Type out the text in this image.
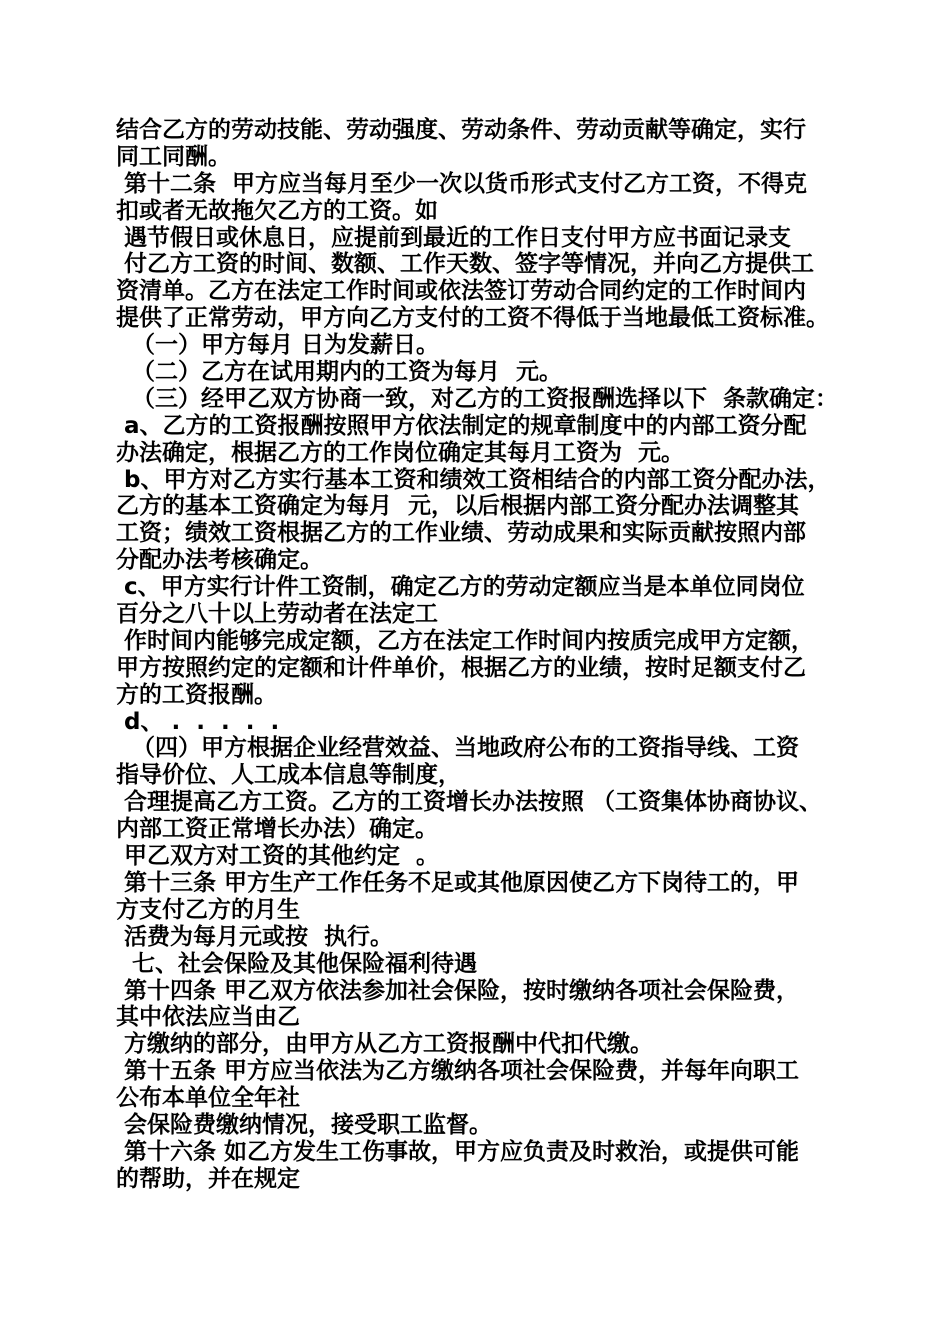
结合乙方的劳动技能、劳动强度、劳动条件、劳动贡献等确定，实行
同工同酬。
第十二条  甲方应当每月至少一次以货币形式支付乙方工资，不得克
扣或者无故拖欠乙方的工资。如
遇节假日或休息日，应提前到最近的工作日支付甲方应书面记录支
付乙方工资的时间、数额、工作天数、签字等情况，并向乙方提供工
资清单。乙方在法定工作时间或依法签订劳动合同约定的工作时间内
提供了正常劳动，甲方向乙方支付的工资不得低于当地最低工资标准。
（一）甲方每月 日为发薪日。
（二）乙方在试用期内的工资为每月  元。
（三）经甲乙双方协商一致，对乙方的工资报酬选择以下  条款确定：
a、乙方的工资报酬按照甲方依法制定的规章制度中的内部工资分配
办法确定，根据乙方的工作岗位确定其每月工资为  元。
b、甲方对乙方实行基本工资和绩效工资相结合的内部工资分配办法，
乙方的基本工资确定为每月  元，以后根据内部工资分配办法调整其
工资；绩效工资根据乙方的工作业绩、劳动成果和实际贡献按照内部
分配办法考核确定。
c、甲方实行计件工资制，确定乙方的劳动定额应当是本单位同岗位
百分之八十以上劳动者在法定工
作时间内能够完成定额，乙方在法定工作时间内按质完成甲方定额，
甲方按照约定的定额和计件单价，根据乙方的业绩，按时足额支付乙
方的工资报酬。
d、 .  .  .  .  .
（四）甲方根据企业经营效益、当地政府公布的工资指导线、工资
指导价位、人工成本信息等制度，
合理提高乙方工资。乙方的工资增长办法按照 （工资集体协商协议、
内部工资正常增长办法）确定。
甲乙双方对工资的其他约定  。
第十三条 甲方生产工作任务不足或其他原因使乙方下岗待工的，甲
方支付乙方的月生
活费为每月元或按  执行。
七、社会保险及其他保险福利待遇
第十四条 甲乙双方依法参加社会保险，按时缴纳各项社会保险费，
其中依法应当由乙
方缴纳的部分，由甲方从乙方工资报酬中代扣代缴。
第十五条 甲方应当依法为乙方缴纳各项社会保险费，并每年向职工
公布本单位全年社
会保险费缴纳情况，接受职工监督。
第十六条 如乙方发生工伤事故，甲方应负责及时救治，或提供可能
的帮助，并在规定
